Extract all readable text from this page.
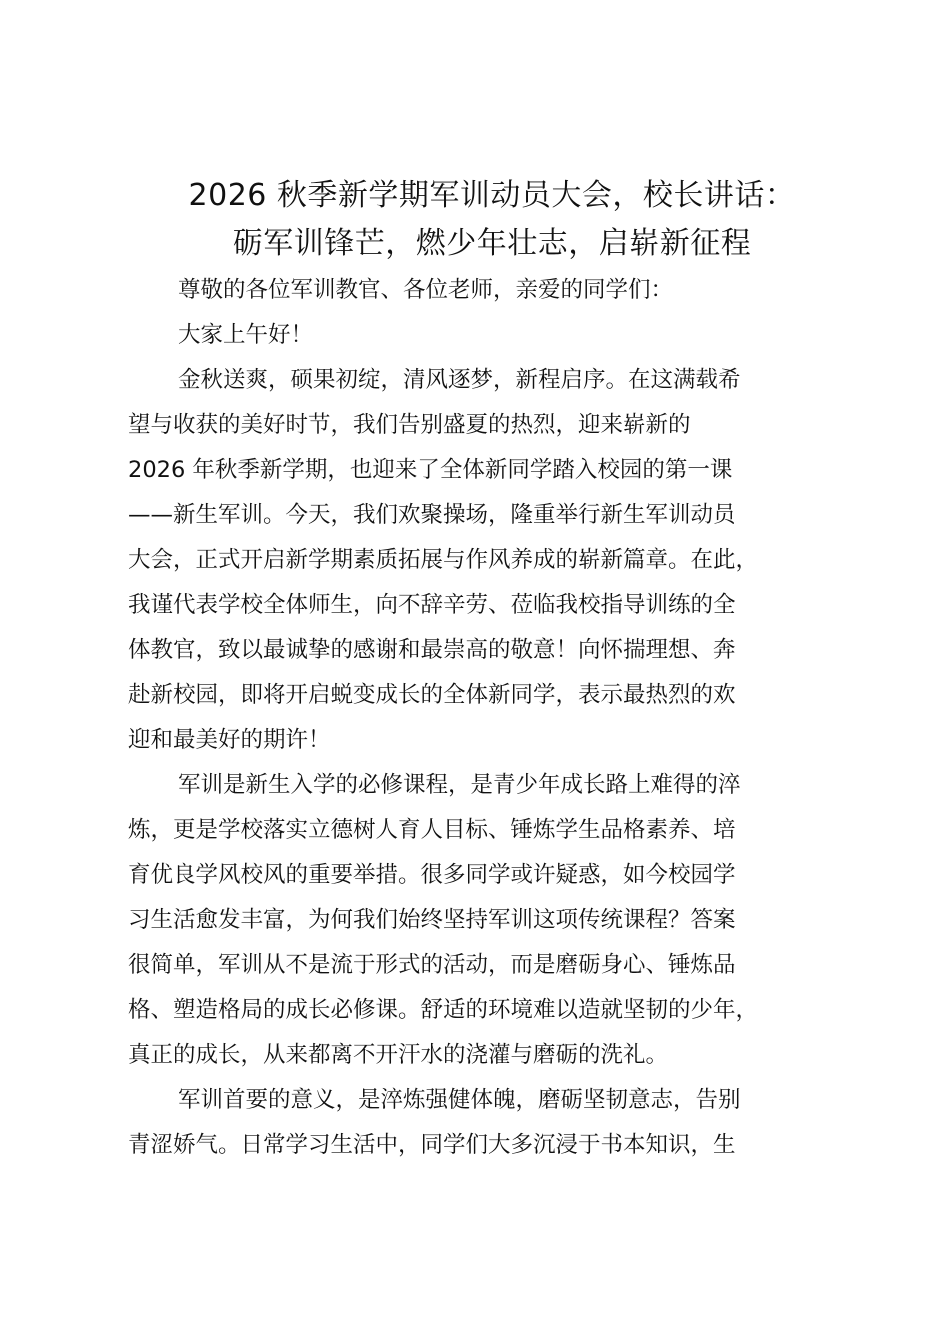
2026 秋季新学期军训动员大会，校长讲话：
砺军训锋芒，燃少年壮志，启崭新征程

尊敬的各位军训教官、各位老师，亲爱的同学们：

大家上午好！

金秋送爽，硕果初绽，清风逐梦，新程启序。在这满载希
望与收获的美好时节，我们告别盛夏的热烈，迎来崭新的
2026 年秋季新学期，也迎来了全体新同学踏入校园的第一课
——新生军训。今天，我们欢聚操场，隆重举行新生军训动员
大会，正式开启新学期素质拓展与作风养成的崭新篇章。在此，
我谨代表学校全体师生，向不辞辛劳、莅临我校指导训练的全
体教官，致以最诚挚的感谢和最崇高的敬意！向怀揣理想、奔
赴新校园，即将开启蜕变成长的全体新同学，表示最热烈的欢
迎和最美好的期许！

军训是新生入学的必修课程，是青少年成长路上难得的淬
炼，更是学校落实立德树人育人目标、锤炼学生品格素养、培
育优良学风校风的重要举措。很多同学或许疑惑，如今校园学
习生活愈发丰富，为何我们始终坚持军训这项传统课程？答案
很简单，军训从不是流于形式的活动，而是磨砺身心、锤炼品
格、塑造格局的成长必修课。舒适的环境难以造就坚韧的少年，
真正的成长，从来都离不开汗水的浇灌与磨砺的洗礼。

军训首要的意义，是淬炼强健体魄，磨砺坚韧意志，告别
青涩娇气。日常学习生活中，同学们大多沉浸于书本知识，生
